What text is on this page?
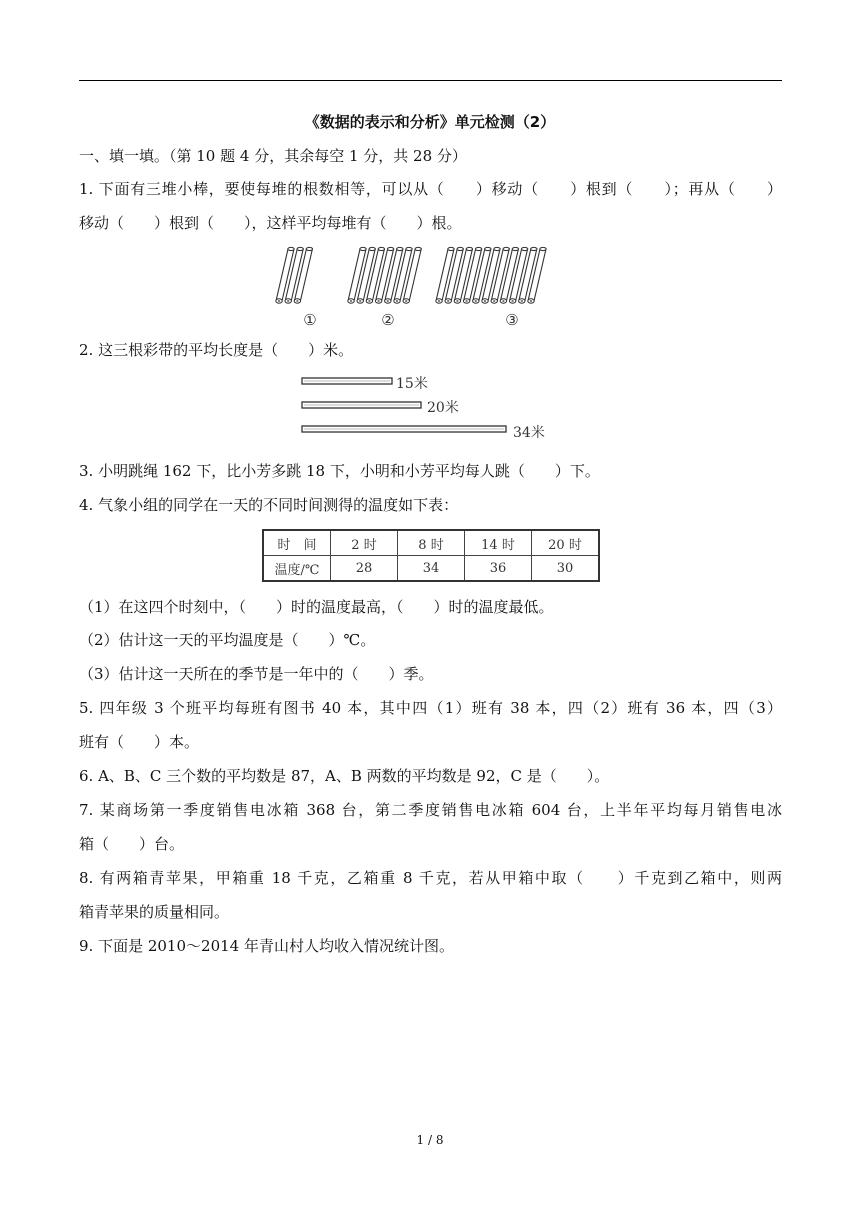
《数据的表示和分析》单元检测（2）
一、填一填。（第 10 题 4 分，其余每空 1 分，共 28 分）
1. 下面有三堆小棒，要使每堆的根数相等，可以从（　　）移动（　　）根到（　　）；再从（　　）
移动（　　）根到（　　），这样平均每堆有（　　）根。
①	②	③
2. 这三根彩带的平均长度是（　　）米。
15米
20米
34米
3. 小明跳绳 162 下，比小芳多跳 18 下，小明和小芳平均每人跳（　　）下。
4. 气象小组的同学在一天的不同时间测得的温度如下表：
时　间	2 时	8 时	14 时	20 时
温度/℃	28	34	36	30
（1）在这四个时刻中，（　　）时的温度最高，（　　）时的温度最低。
（2）估计这一天的平均温度是（　　）℃。
（3）估计这一天所在的季节是一年中的（　　）季。
5. 四年级 3 个班平均每班有图书 40 本，其中四（1）班有 38 本，四（2）班有 36 本，四（3）
班有（　　）本。
6. A、B、C 三个数的平均数是 87，A、B 两数的平均数是 92，C 是（　　）。
7. 某商场第一季度销售电冰箱 368 台，第二季度销售电冰箱 604 台，上半年平均每月销售电冰
箱（　　）台。
8. 有两箱青苹果，甲箱重 18 千克，乙箱重 8 千克，若从甲箱中取（　　）千克到乙箱中，则两
箱青苹果的质量相同。
9. 下面是 2010～2014 年青山村人均收入情况统计图。
1 / 8
